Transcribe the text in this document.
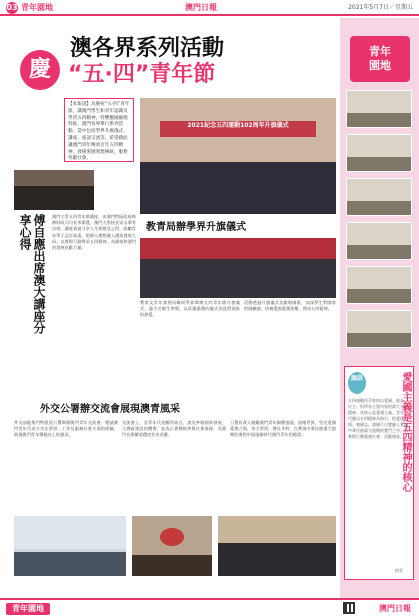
03 青年園地	澳門日報	2021年5月7日／星期五
青年
園地
論語	愛國主義是五四精神的核心
五四運動所孕育的以愛國、進步、民主、科學為主要內容的偉大五四精神，其核心是愛國主義。青年一代應以五四精神為指引，把愛國情、強國志、報國行自覺融入實現中華民族偉大復興的奮鬥之中，以實際行動服務社會，貢獻國家。
柏雲
慶
澳各界系列活動
“五·四”青年節
【本報訊】為慶祝“五·四”青年節，讓澳門學生和青年認識及學習五四精神，特響應國慶澳特區，澳門各界舉行系列活動。當中包括學界升旗儀式、講座、座談交流等，希望藉此讓澳門青年傳承百年五四精神，發揚愛國愛澳傳統，服務奉獻社會。
2021紀念五四運動102周年升旗儀式
傅自應出席澳大講座分享心得	澳門大學五四青年節講座，由澳門特區政府經濟財政司司長李偉農，澳門大學校長宋永華等出席。講座嘉賓分享人生經歷及心得，鼓勵青年學子志存高遠，把個人理想融入國家發展大局，以實際行動傳承五四精神，為國家和澳門的發展貢獻力量。
教青局辦學界升旗儀式
教育及青年發展局聯同學界舉辦五四青年節升旗儀式，逾千名師生參與，以莊嚴肅穆的儀式表達對國家的熱愛。
活動透過升旗儀式及獻唱國歌，加深學生對國家的歸屬感，培養愛國愛澳情懷，傳承五四精神。
外交公署辦交流會展現澳青風采
外交部駐澳門特派員公署舉辦澳門青年交流會，邀請澳門青年代表分享在學習、工作及服務社會方面的經驗，展現澳門青年積極向上的風采。
交流會上，各青年代表暢所欲言，談及參與國家發展、大灣區建設的體會，並表示會積極參與社會事務，為澳門長期繁榮穩定作出貢獻。
公署負責人勉勵澳門青年胸懷祖國，放眼世界，堅定愛國愛澳立場，努力學習，增長才幹，在實現中華民族偉大復興的進程中展現新時代澳門青年的擔當。
青年園地	澳門日報
